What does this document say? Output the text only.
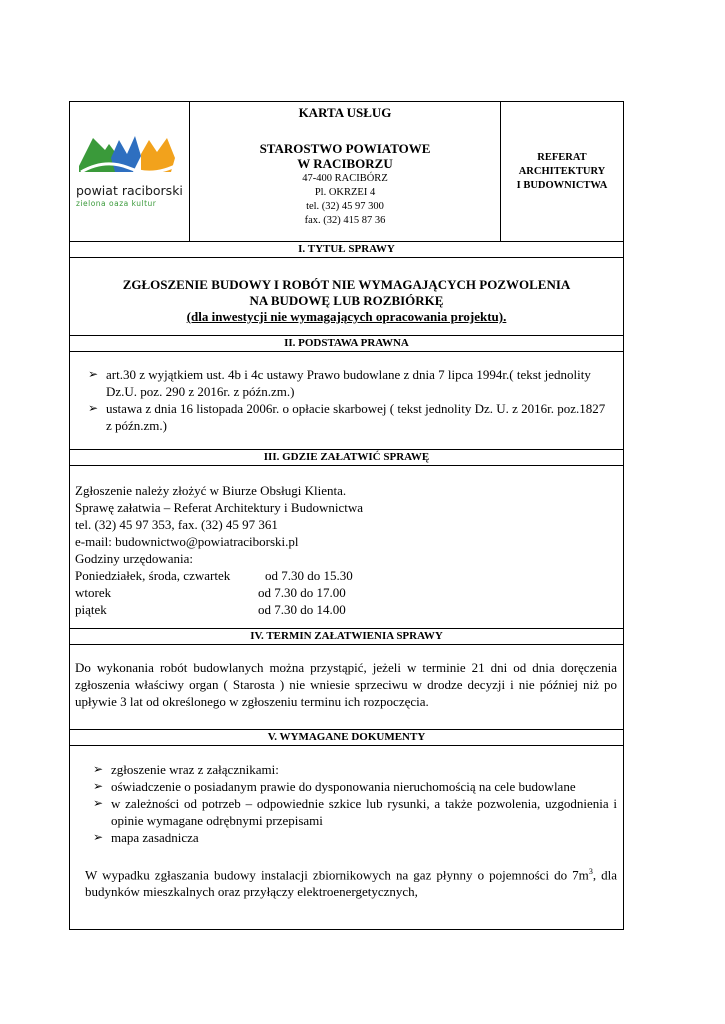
powiat raciborski
zielona oaza kultur
KARTA USŁUG
STAROSTWO POWIATOWE
W RACIBORZU
47-400 RACIBÓRZ
Pl. OKRZEI 4
tel. (32) 45 97 300
fax. (32) 415 87 36
REFERAT
ARCHITEKTURY
I BUDOWNICTWA
I. TYTUŁ SPRAWY
ZGŁOSZENIE BUDOWY I ROBÓT NIE WYMAGAJĄCYCH POZWOLENIA
NA BUDOWĘ LUB ROZBIÓRKĘ
(dla inwestycji nie wymagających opracowania projektu).
II. PODSTAWA PRAWNA
➢ art.30 z wyjątkiem ust. 4b i 4c ustawy Prawo budowlane z dnia 7 lipca 1994r.( tekst jednolity Dz.U. poz. 290 z 2016r. z późn.zm.)
➢ ustawa z dnia 16 listopada 2006r. o opłacie skarbowej ( tekst jednolity Dz. U. z 2016r. poz.1827 z późn.zm.)
III. GDZIE ZAŁATWIĆ SPRAWĘ
Zgłoszenie należy złożyć w Biurze Obsługi Klienta.
Sprawę załatwia – Referat Architektury i Budownictwa
tel. (32) 45 97 353, fax. (32) 45 97 361
e-mail: budownictwo@powiatraciborski.pl
Godziny urzędowania:
Poniedziałek, środa, czwartek	od 7.30 do 15.30
wtorek	od 7.30 do 17.00
piątek	od 7.30 do 14.00
IV. TERMIN ZAŁATWIENIA SPRAWY
Do wykonania robót budowlanych można przystąpić, jeżeli w terminie 21 dni od dnia doręczenia zgłoszenia właściwy organ ( Starosta ) nie wniesie sprzeciwu w drodze decyzji i nie później niż po upływie 3 lat od określonego w zgłoszeniu terminu ich rozpoczęcia.
V. WYMAGANE DOKUMENTY
➢ zgłoszenie wraz z załącznikami:
➢ oświadczenie o posiadanym prawie do dysponowania nieruchomością na cele budowlane
➢ w zależności od potrzeb – odpowiednie szkice lub rysunki, a także pozwolenia, uzgodnienia i opinie wymagane odrębnymi przepisami
➢ mapa zasadnicza
W wypadku zgłaszania budowy instalacji zbiornikowych na gaz płynny o pojemności do $7m^3$, dla budynków mieszkalnych oraz przyłączy elektroenergetycznych,
